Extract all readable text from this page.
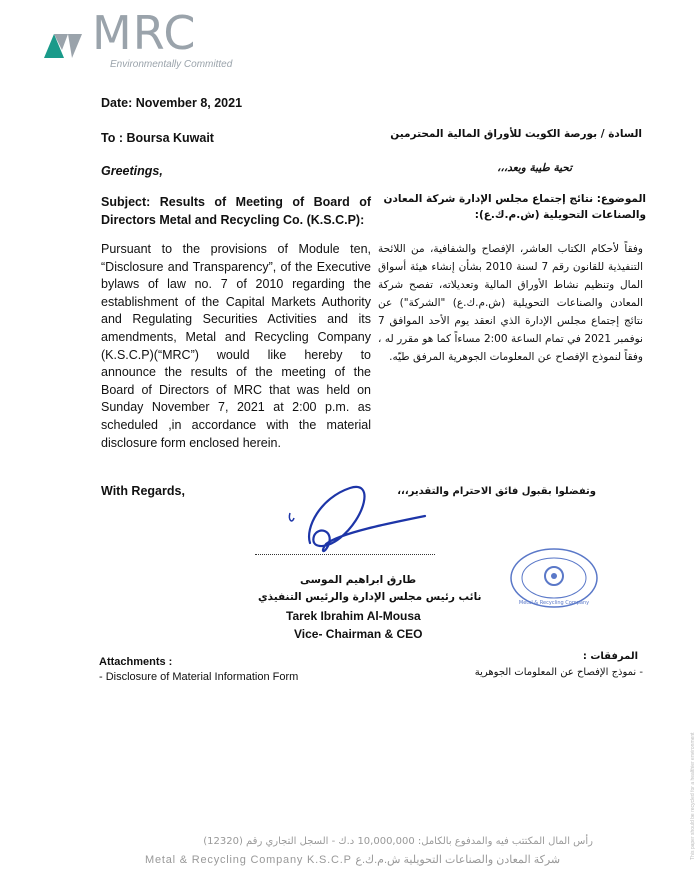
MRC
Environmentally Committed
Date: November 8, 2021
To : Boursa Kuwait
Greetings,
Subject: Results of Meeting of Board of Directors Metal and Recycling Co. (K.S.C.P):
Pursuant to the provisions of Module ten, “Disclosure and Transparency”, of the Executive bylaws of law no. 7 of 2010 regarding the establishment of the Capital Markets Authority and Regulating Securities Activities and its amendments, Metal and Recycling Company (K.S.C.P)(“MRC”) would like hereby to announce the results of the meeting of the Board of Directors of MRC that was held on Sunday November 7, 2021 at 2:00 p.m. as scheduled ,in accordance with the material disclosure form enclosed herein.
السادة / بورصة الكويت للأوراق المالية المحترمين
تحية طيبة وبعد،،،
الموضوع: نتائج إجتماع مجلس الإدارة شركة المعادن والصناعات التحويلية (ش.م.ك.ع):
وفقاً لأحكام الكتاب العاشر، الإفصاح والشفافية، من اللائحة التنفيذية للقانون رقم 7 لسنة 2010 بشأن إنشاء هيئة أسواق المال وتنظيم نشاط الأوراق المالية وتعديلاته، تفصح شركة المعادن والصناعات التحويلية (ش.م.ك.ع) "الشركة") عن نتائج إجتماع مجلس الإدارة الذي انعقد يوم الأحد الموافق 7 نوفمبر 2021 في تمام الساعة 2:00 مساءاً كما هو مقرر له ، وفقاً لنموذج الإفصاح عن المعلومات الجوهرية المرفق طيّه.
With Regards,	وتفضلوا بقبول فائق الاحترام والتقدير،،،
طارق ابراهيم الموسى
نائب رئيس مجلس الإدارة والرئيس التنفيذي
Tarek Ibrahim Al-Mousa
Vice- Chairman & CEO
Metal & Recycling Company
Attachments :
- Disclosure of Material Information Form
المرفقات :
- نموذج الإفصاح عن المعلومات الجوهرية
رأس المال المكتتب فيه والمدفوع بالكامل: 10,000,000 د.ك - السجل التجاري رقم (12320)
Metal & Recycling Company K.S.C.P شركة المعادن والصناعات التحويلية ش.م.ك.ع	This paper should be recycled for a healthier environment
